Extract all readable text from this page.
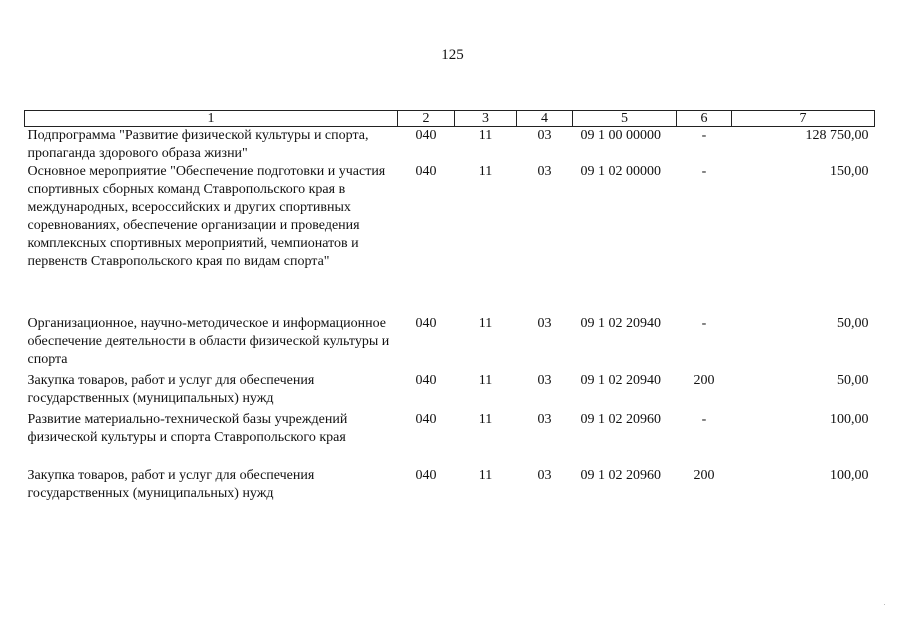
125
1	2	3	4	5	6	7
Подпрограмма "Развитие физической культуры и спорта, пропаганда здорового образа жизни"	040	11	03	09 1 00 00000	-	128 750,00
Основное мероприятие "Обеспечение подготовки и участия спортивных сборных команд Ставропольского края в международных, всероссийских и других спортивных соревнованиях, обеспечение организации и проведения комплексных спортивных мероприятий, чемпионатов и первенств Ставропольского края по видам спорта"	040	11	03	09 1 02 00000	-	150,00
Организационное, научно-методическое и информационное обеспечение деятельности в области физической культуры и спорта	040	11	03	09 1 02 20940	-	50,00
Закупка товаров, работ и услуг для обеспечения государственных (муниципальных) нужд	040	11	03	09 1 02 20940	200	50,00
Развитие материально-технической базы учреждений физической культуры и спорта Ставропольского края	040	11	03	09 1 02 20960	-	100,00
Закупка товаров, работ и услуг для обеспечения государственных (муниципальных) нужд	040	11	03	09 1 02 20960	200	100,00
